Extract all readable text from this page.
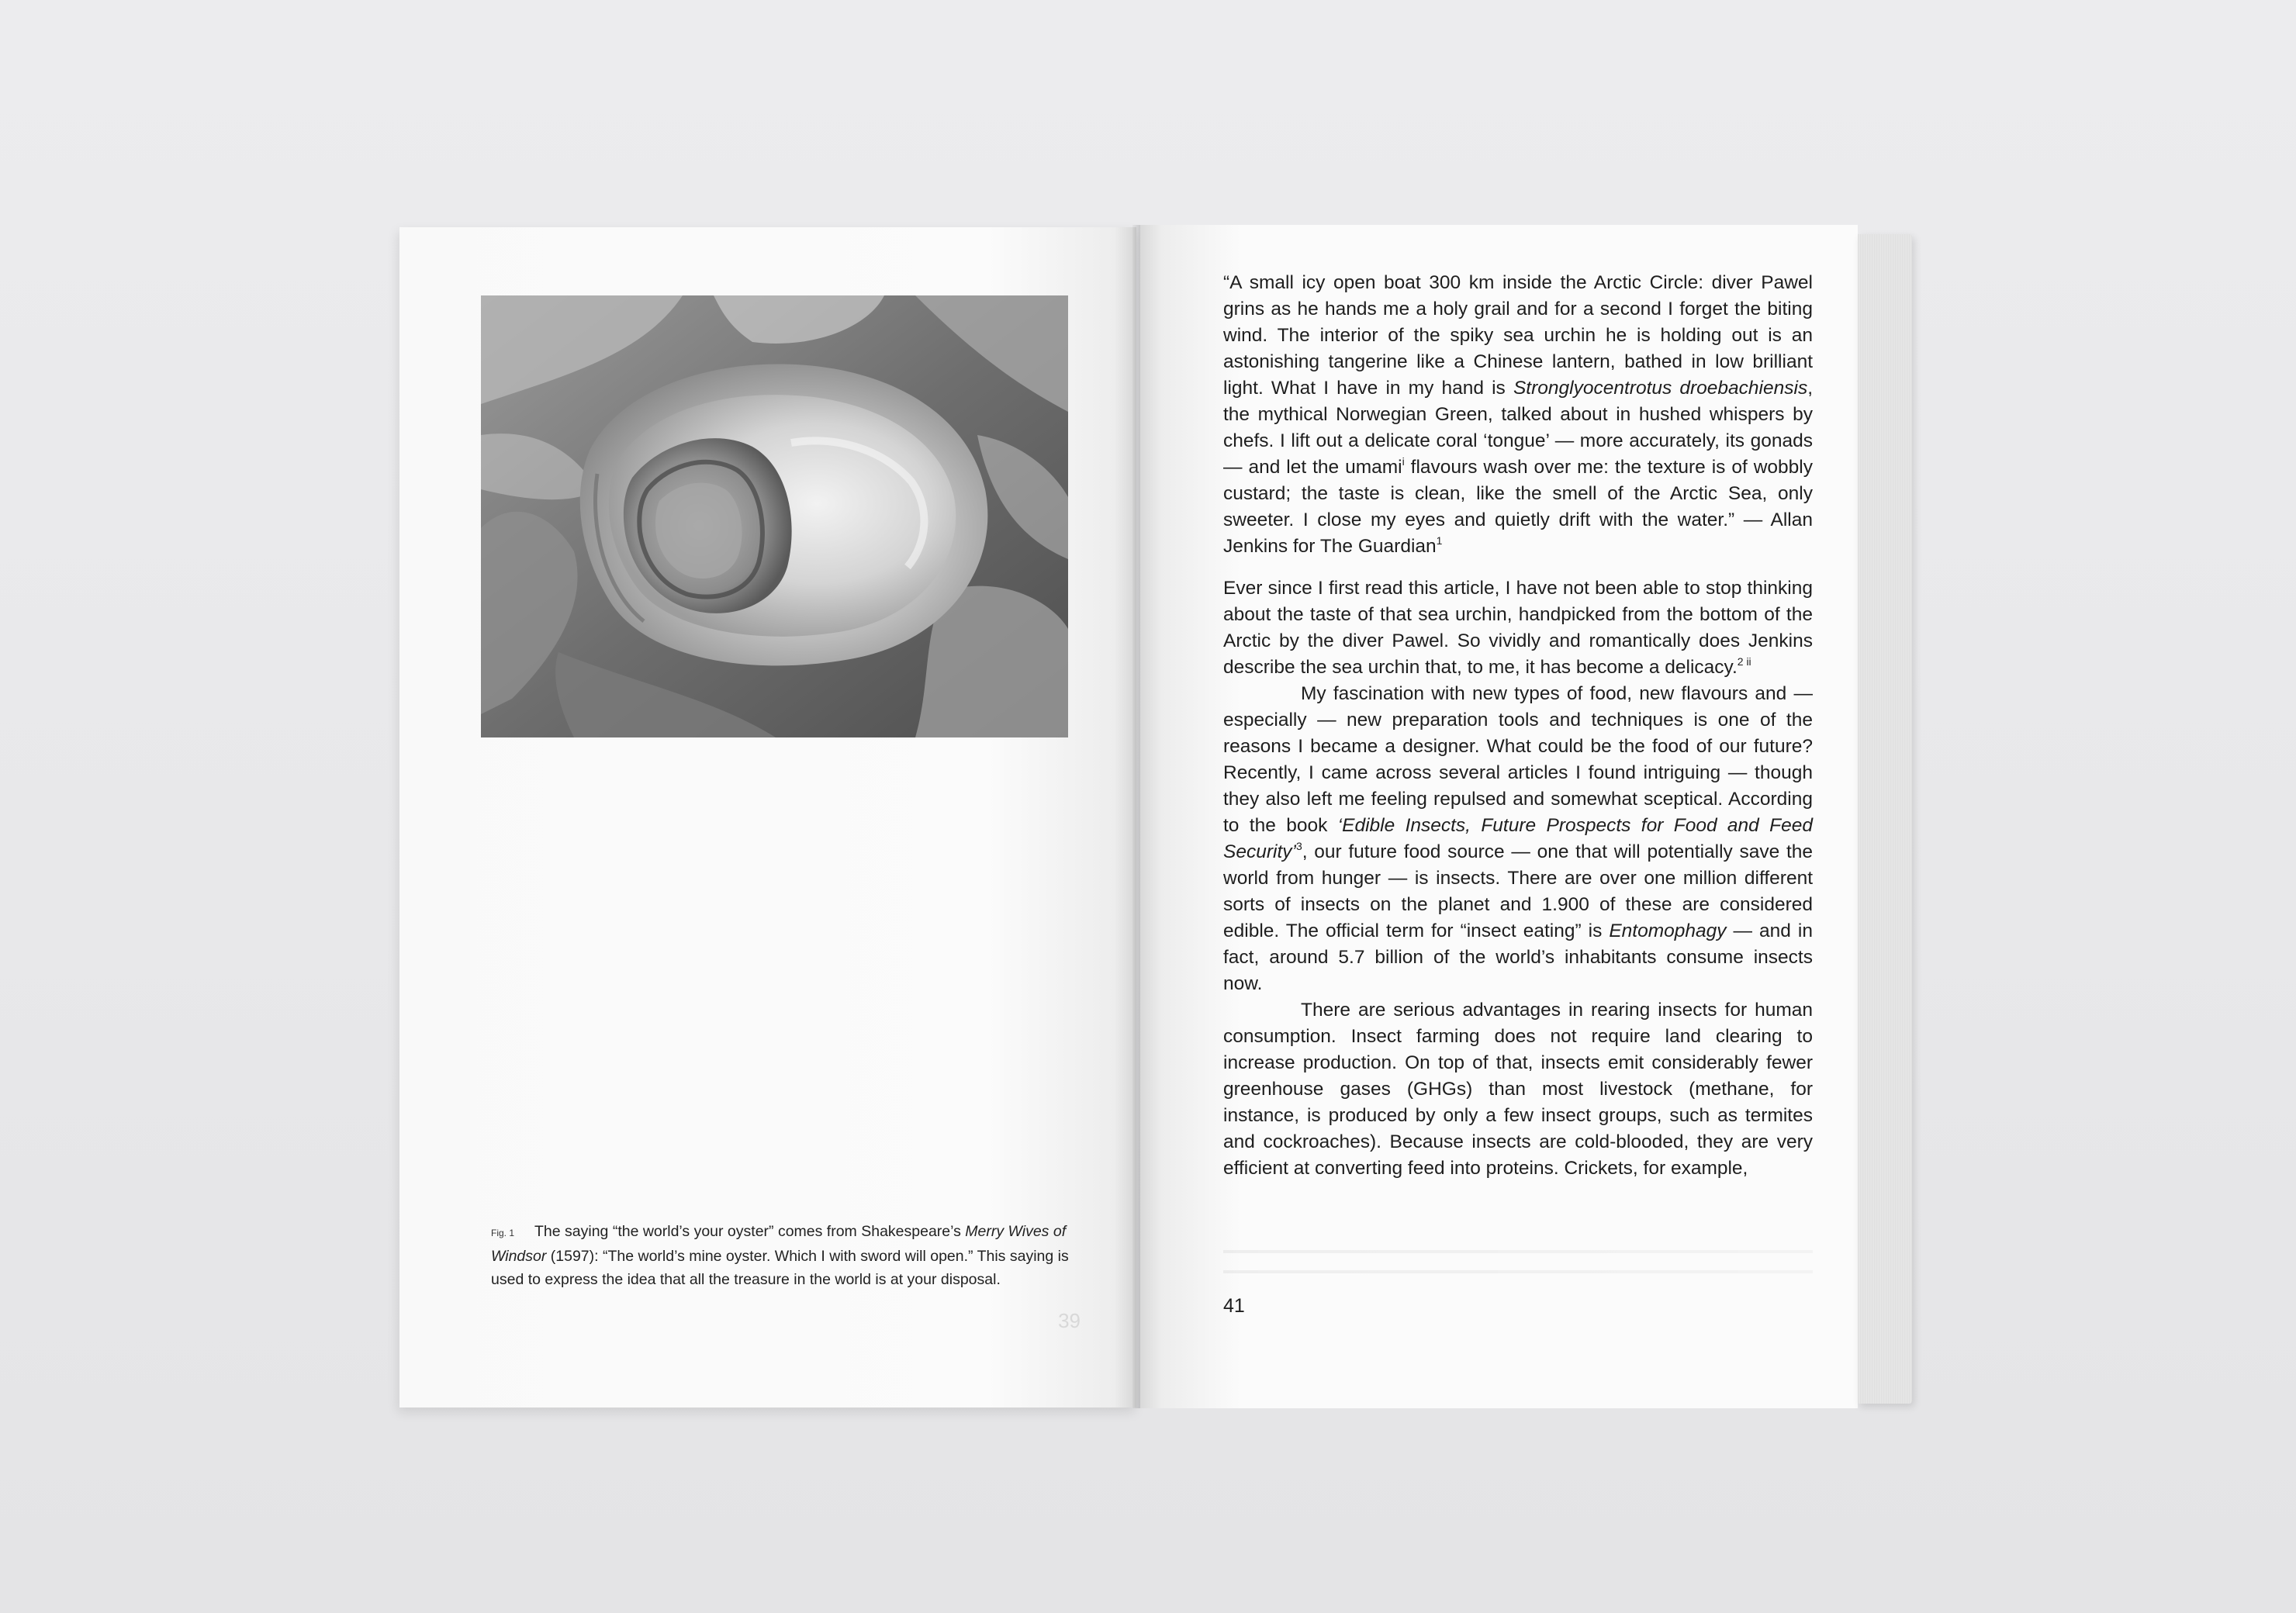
Fig. 1 The saying “the world’s your oyster” comes from Shakespeare’s Merry Wives of Windsor (1597): “The world’s mine oyster. Which I with sword will open.” This saying is used to express the idea that all the treasure in the world is at your disposal.
39

“A small icy open boat 300 km inside the Arctic Circle: diver Pawel grins as he hands me a holy grail and for a second I forget the biting wind. The interior of the spiky sea urchin he is holding out is an astonishing tangerine like a Chinese lantern, bathed in low brilliant light. What I have in my hand is Stronglyocentrotus droebachiensis, the mythical Norwegian Green, talked about in hushed whispers by chefs. I lift out a delicate coral ‘tongue’ — more accurately, its gonads — and let the umami$^i$ flavours wash over me: the texture is of wobbly custard; the taste is clean, like the smell of the Arctic Sea, only sweeter. I close my eyes and quietly drift with the water.” — Allan Jenkins for The Guardian$^1$

Ever since I first read this article, I have not been able to stop thinking about the taste of that sea urchin, handpicked from the bottom of the Arctic by the diver Pawel. So vividly and romantically does Jenkins describe the sea urchin that, to me, it has become a delicacy.$^{2 ii}$

My fascination with new types of food, new flavours and — especially — new preparation tools and techniques is one of the reasons I became a designer. What could be the food of our future? Recently, I came across several articles I found intriguing — though they also left me feeling repulsed and somewhat sceptical. According to the book ‘Edible Insects, Future Prospects for Food and Feed Security’$^3$, our future food source — one that will potentially save the world from hunger — is insects. There are over one million different sorts of insects on the planet and 1.900 of these are considered edible. The official term for “insect eating” is Entomophagy — and in fact, around 5.7 billion of the world’s inhabitants consume insects now.

There are serious advantages in rearing insects for human consumption. Insect farming does not require land clearing to increase production. On top of that, insects emit considerably fewer greenhouse gases (GHGs) than most livestock (methane, for instance, is produced by only a few insect groups, such as termites and cockroaches). Because insects are cold-blooded, they are very efficient at converting feed into proteins. Crickets, for example,

41
